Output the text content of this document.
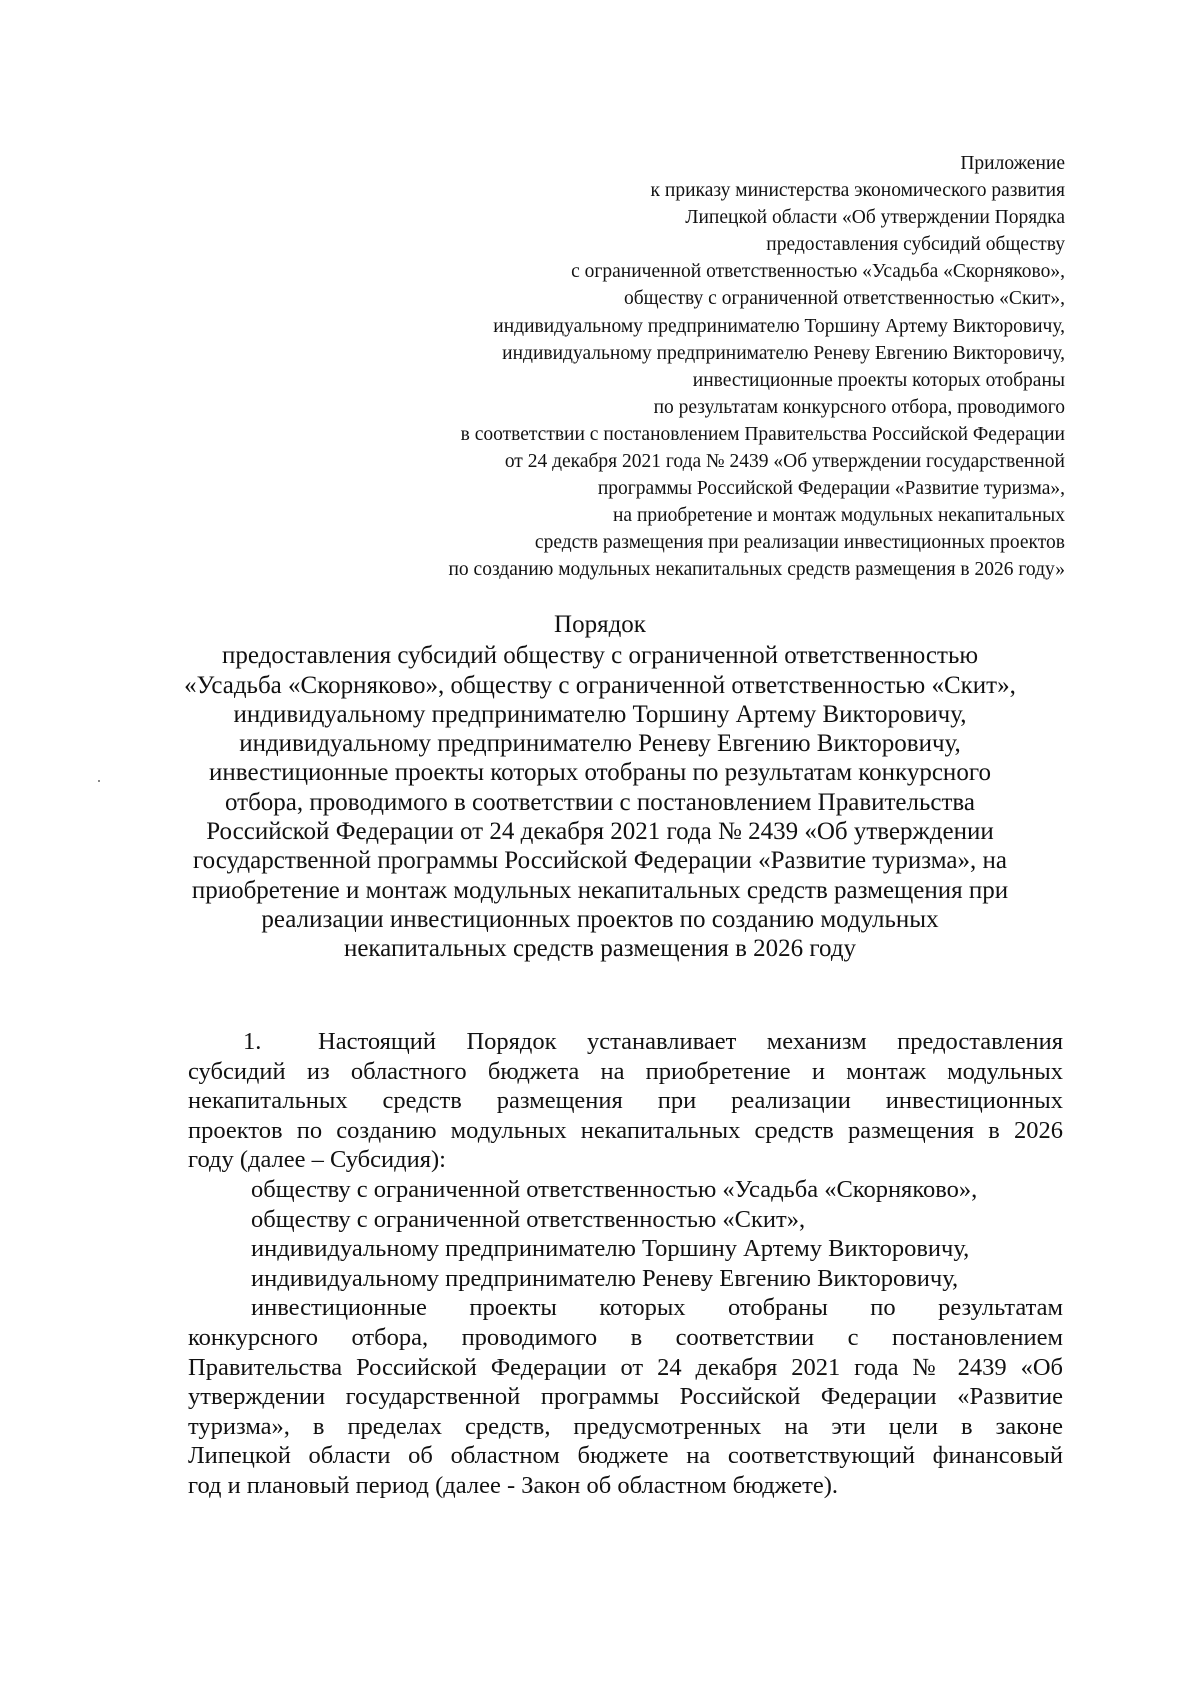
Приложение
к приказу министерства экономического развития
Липецкой области «Об утверждении Порядка
предоставления субсидий обществу
с ограниченной ответственностью «Усадьба «Скорняково»,
обществу с ограниченной ответственностью «Скит»,
индивидуальному предпринимателю Торшину Артему Викторовичу,
индивидуальному предпринимателю Реневу Евгению Викторовичу,
инвестиционные проекты которых отобраны
по результатам конкурсного отбора, проводимого
в соответствии с постановлением Правительства Российской Федерации
от 24 декабря 2021 года № 2439 «Об утверждении государственной
программы Российской Федерации «Развитие туризма»,
на приобретение и монтаж модульных некапитальных
средств размещения при реализации инвестиционных проектов
по созданию модульных некапитальных средств размещения в 2026 году»
Порядок
предоставления субсидий обществу с ограниченной ответственностью
«Усадьба «Скорняково», обществу с ограниченной ответственностью «Скит»,
индивидуальному предпринимателю Торшину Артему Викторовичу,
индивидуальному предпринимателю Реневу Евгению Викторовичу,
инвестиционные проекты которых отобраны по результатам конкурсного
отбора, проводимого в соответствии с постановлением Правительства
Российской Федерации от 24 декабря 2021 года № 2439 «Об утверждении
государственной программы Российской Федерации «Развитие туризма», на
приобретение и монтаж модульных некапитальных средств размещения при
реализации инвестиционных проектов по созданию модульных
некапитальных средств размещения в 2026 году
1.	Настоящий Порядок устанавливает механизм предоставления
субсидий из областного бюджета на приобретение и монтаж модульных
некапитальных средств размещения при реализации инвестиционных
проектов по созданию модульных некапитальных средств размещения в 2026
году (далее – Субсидия):
обществу с ограниченной ответственностью «Усадьба «Скорняково»,
обществу с ограниченной ответственностью «Скит»,
индивидуальному предпринимателю Торшину Артему Викторовичу,
индивидуальному предпринимателю Реневу Евгению Викторовичу,
инвестиционные проекты которых отобраны по результатам
конкурсного отбора, проводимого в соответствии с постановлением
Правительства Российской Федерации от 24 декабря 2021 года № 2439 «Об
утверждении государственной программы Российской Федерации «Развитие
туризма», в пределах средств, предусмотренных на эти цели в законе
Липецкой области об областном бюджете на соответствующий финансовый
год и плановый период (далее - Закон об областном бюджете).
